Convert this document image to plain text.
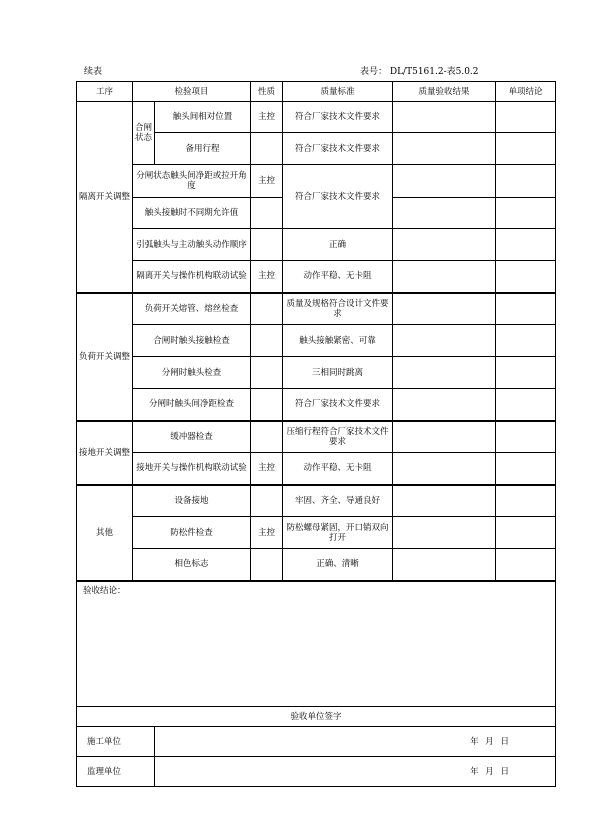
续表	表号： DL/T5161.2-表5.0.2
工序	检验项目		性质	质量标准	质量验收结果	单项结论
隔离开关调整	合闸状态	触头间相对位置	主控	符合厂家技术文件要求		
		备用行程		符合厂家技术文件要求		
	分闸状态触头间净距或拉开角度		主控	符合厂家技术文件要求		
	触头接触时不同期允许值					
	引弧触头与主动触头动作顺序			正确		
	隔离开关与操作机构联动试验		主控	动作平稳、无卡阻		
负荷开关调整	负荷开关熔管、熔丝检查			质量及规格符合设计文件要求		
	合闸时触头接触检查			触头接触紧密、可靠		
	分闸时触头检查			三相同时跳离		
	分闸时触头间净距检查			符合厂家技术文件要求		
接地开关调整	缓冲器检查			压缩行程符合厂家技术文件要求		
	接地开关与操作机构联动试验		主控	动作平稳、无卡阻		
其他	设备接地			牢固、齐全、导通良好		
	防松件检查		主控	防松螺母紧固，开口销双向打开		
	相色标志			正确、清晰		
验收结论：						
验收单位签字						
施工单位		年 月 日				
监理单位		年 月 日				
